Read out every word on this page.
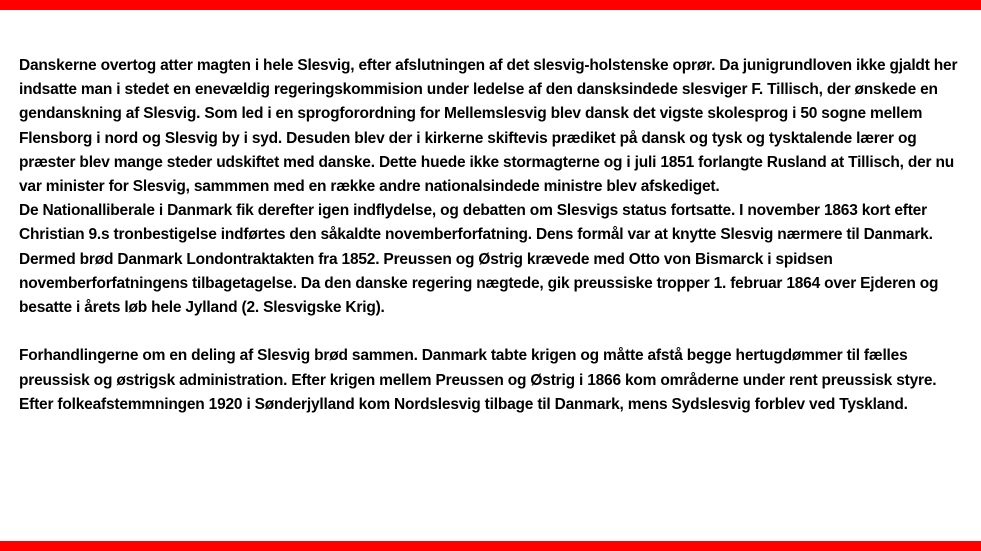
Danskerne overtog atter magten i hele Slesvig, efter afslutningen af det slesvig-holstenske oprør. Da junigrundloven ikke gjaldt her indsatte man i stedet en enevældig regeringskommision under ledelse af den dansksindede slesviger F. Tillisch, der ønskede en gendanskning af Slesvig. Som led i en sprogforordning for Mellemslesvig blev dansk det vigste skolesprog i 50 sogne mellem Flensborg i nord og Slesvig by i syd. Desuden blev der i kirkerne skiftevis prædiket på dansk og tysk og tysktalende lærer og præster blev mange steder udskiftet med danske. Dette huede ikke stormagterne og i juli 1851 forlangte Rusland at Tillisch, der nu var minister for Slesvig, sammmen med en række andre nationalsindede ministre blev afskediget.

De Nationalliberale i Danmark fik derefter igen indflydelse, og debatten om Slesvigs status fortsatte. I november 1863 kort efter Christian 9.s tronbestigelse indførtes den såkaldte novemberforfatning. Dens formål var at knytte Slesvig nærmere til Danmark. Dermed brød Danmark Londontraktakten fra 1852. Preussen og Østrig krævede med Otto von Bismarck i spidsen novemberforfatningens tilbagetagelse. Da den danske regering nægtede, gik preussiske tropper 1. februar 1864 over Ejderen og besatte i årets løb hele Jylland (2. Slesvigske Krig).

Forhandlingerne om en deling af Slesvig brød sammen. Danmark tabte krigen og måtte afstå begge hertugdømmer til fælles preussisk og østrigsk administration. Efter krigen mellem Preussen og Østrig i 1866 kom områderne under rent preussisk styre. Efter folkeafstemmningen 1920 i Sønderjylland kom Nordslesvig tilbage til Danmark, mens Sydslesvig forblev ved Tyskland.
